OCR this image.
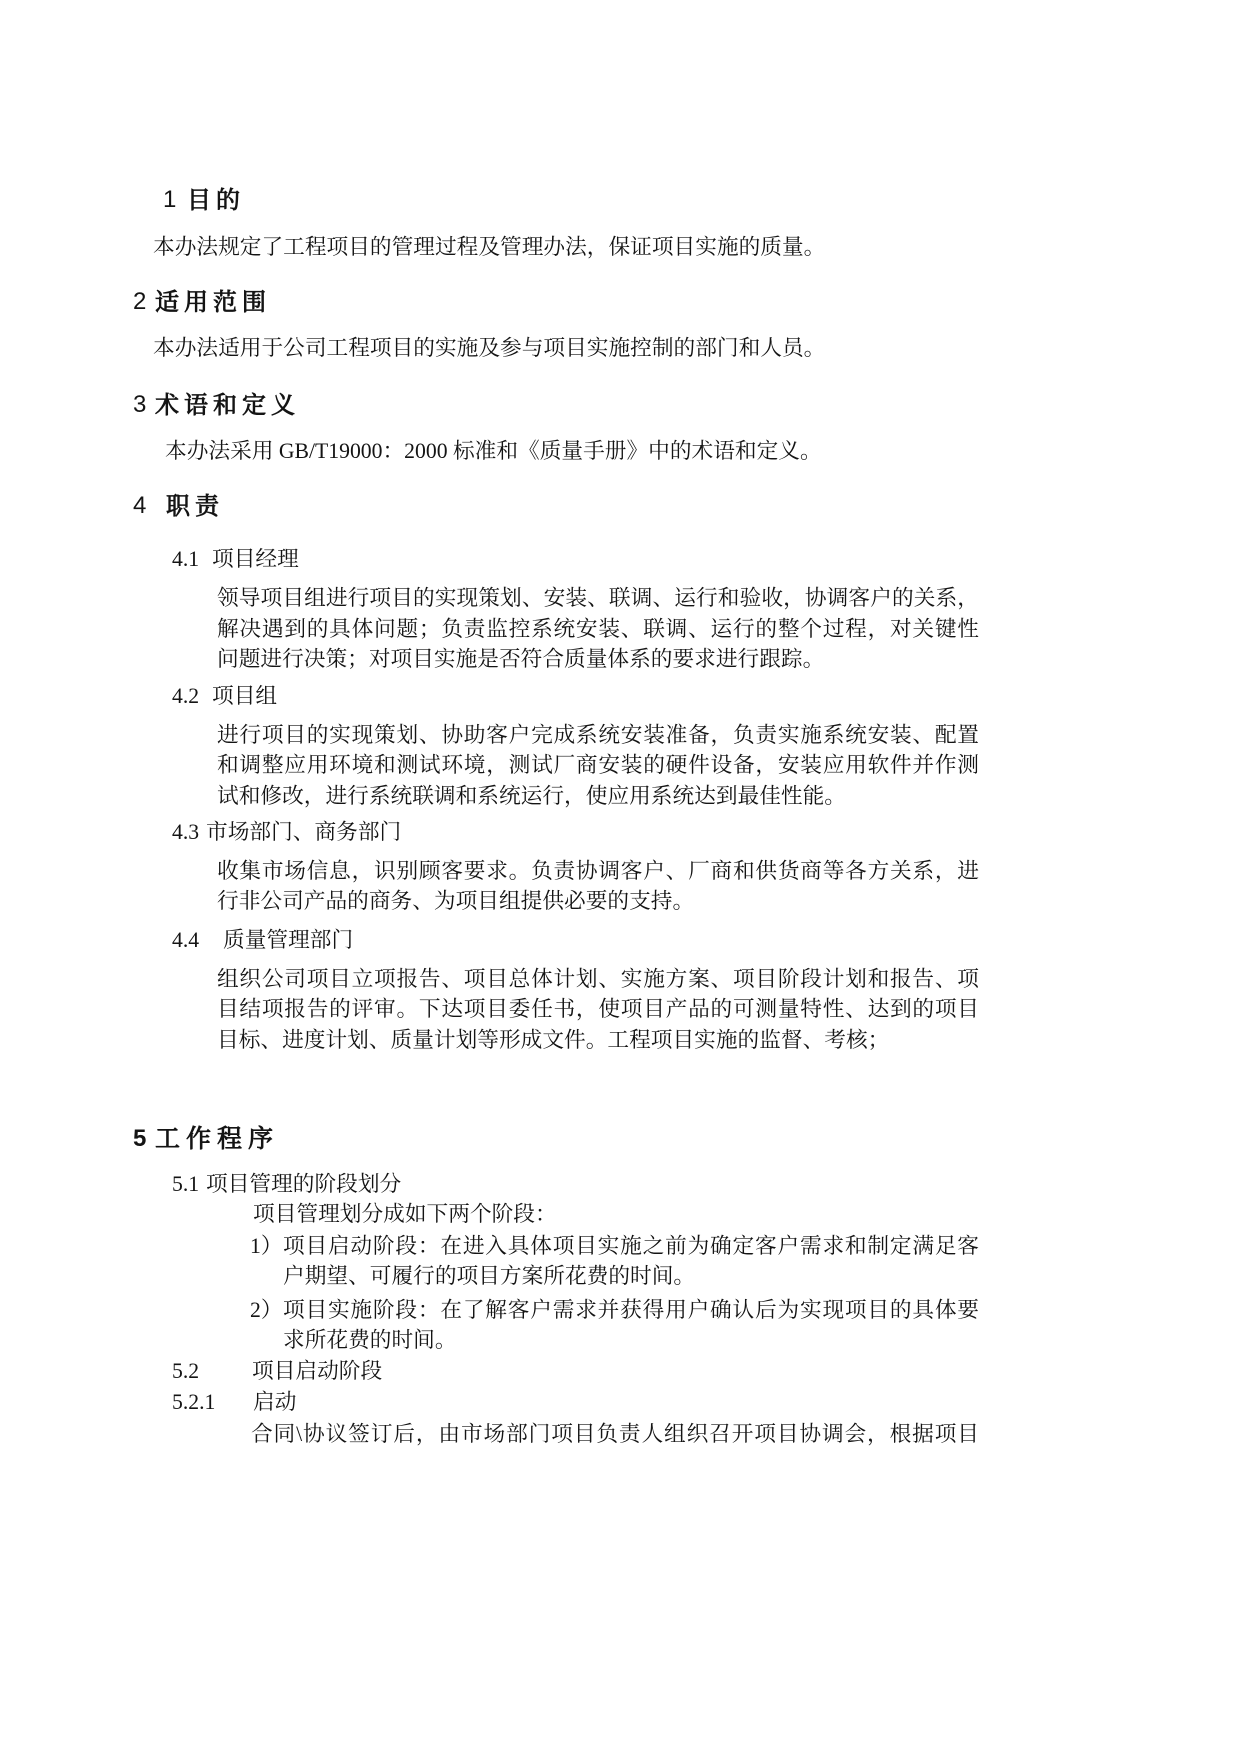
1 目的
本办法规定了工程项目的管理过程及管理办法，保证项目实施的质量。
2 适用范围
本办法适用于公司工程项目的实施及参与项目实施控制的部门和人员。
3 术语和定义
本办法采用 GB/T19000：2000 标准和《质量手册》中的术语和定义。
4 职责
4.1 项目经理
领导项目组进行项目的实现策划、安装、联调、运行和验收，协调客户的关系，
解决遇到的具体问题；负责监控系统安装、联调、运行的整个过程，对关键性
问题进行决策；对项目实施是否符合质量体系的要求进行跟踪。
4.2 项目组
进行项目的实现策划、协助客户完成系统安装准备，负责实施系统安装、配置
和调整应用环境和测试环境，测试厂商安装的硬件设备，安装应用软件并作测
试和修改，进行系统联调和系统运行，使应用系统达到最佳性能。
4.3 市场部门、商务部门
收集市场信息，识别顾客要求。负责协调客户、厂商和供货商等各方关系，进
行非公司产品的商务、为项目组提供必要的支持。
4.4 质量管理部门
组织公司项目立项报告、项目总体计划、实施方案、项目阶段计划和报告、项
目结项报告的评审。下达项目委任书，使项目产品的可测量特性、达到的项目
目标、进度计划、质量计划等形成文件。工程项目实施的监督、考核；
5 工作程序
5.1 项目管理的阶段划分
项目管理划分成如下两个阶段：
1） 项目启动阶段：在进入具体项目实施之前为确定客户需求和制定满足客
户期望、可履行的项目方案所花费的时间。
2） 项目实施阶段：在了解客户需求并获得用户确认后为实现项目的具体要
求所花费的时间。
5.2 项目启动阶段
5.2.1 启动
合同\协议签订后，由市场部门项目负责人组织召开项目协调会，根据项目
